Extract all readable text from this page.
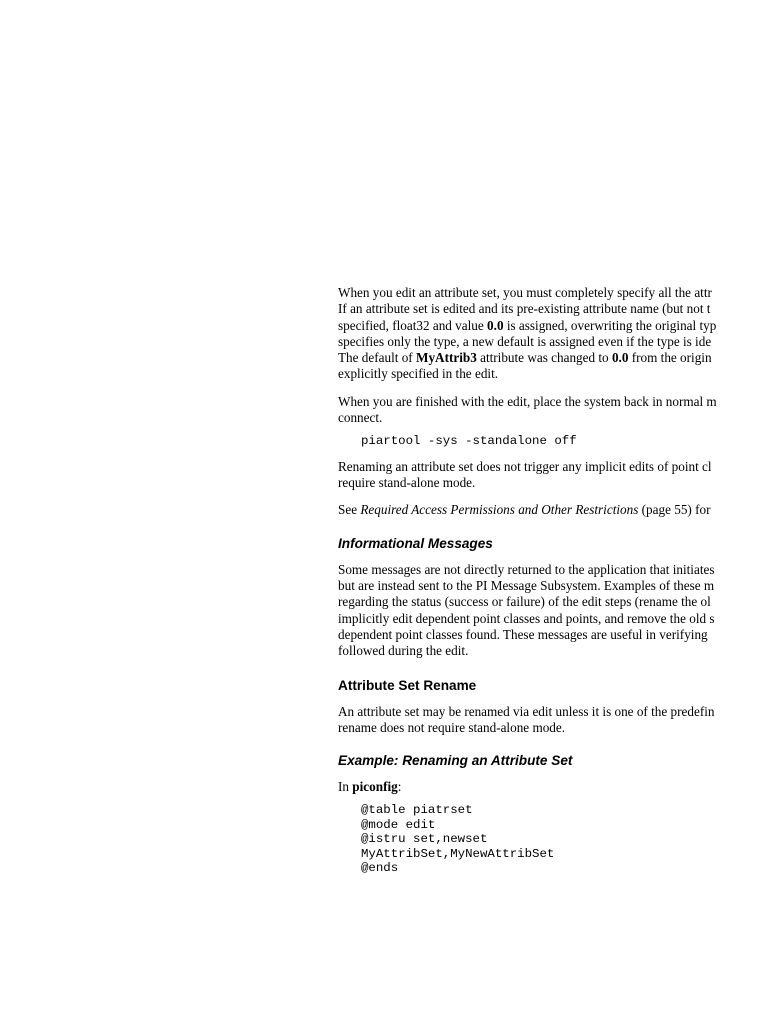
When you edit an attribute set, you must completely specify all the attr
If an attribute set is edited and its pre-existing attribute name (but not t
specified, float32 and value 0.0 is assigned, overwriting the original typ
specifies only the type, a new default is assigned even if the type is ide
The default of MyAttrib3 attribute was changed to 0.0 from the origin
explicitly specified in the edit.
When you are finished with the edit, place the system back in normal m
connect.
piartool -sys -standalone off
Renaming an attribute set does not trigger any implicit edits of point cl
require stand-alone mode.
See Required Access Permissions and Other Restrictions (page 55) for
Informational Messages
Some messages are not directly returned to the application that initiates
but are instead sent to the PI Message Subsystem. Examples of these m
regarding the status (success or failure) of the edit steps (rename the ol
implicitly edit dependent point classes and points, and remove the old s
dependent point classes found. These messages are useful in verifying
followed during the edit.
Attribute Set Rename
An attribute set may be renamed via edit unless it is one of the predefin
rename does not require stand-alone mode.
Example: Renaming an Attribute Set
In piconfig:
@table piatrset
@mode edit
@istru set,newset
MyAttribSet,MyNewAttribSet
@ends
